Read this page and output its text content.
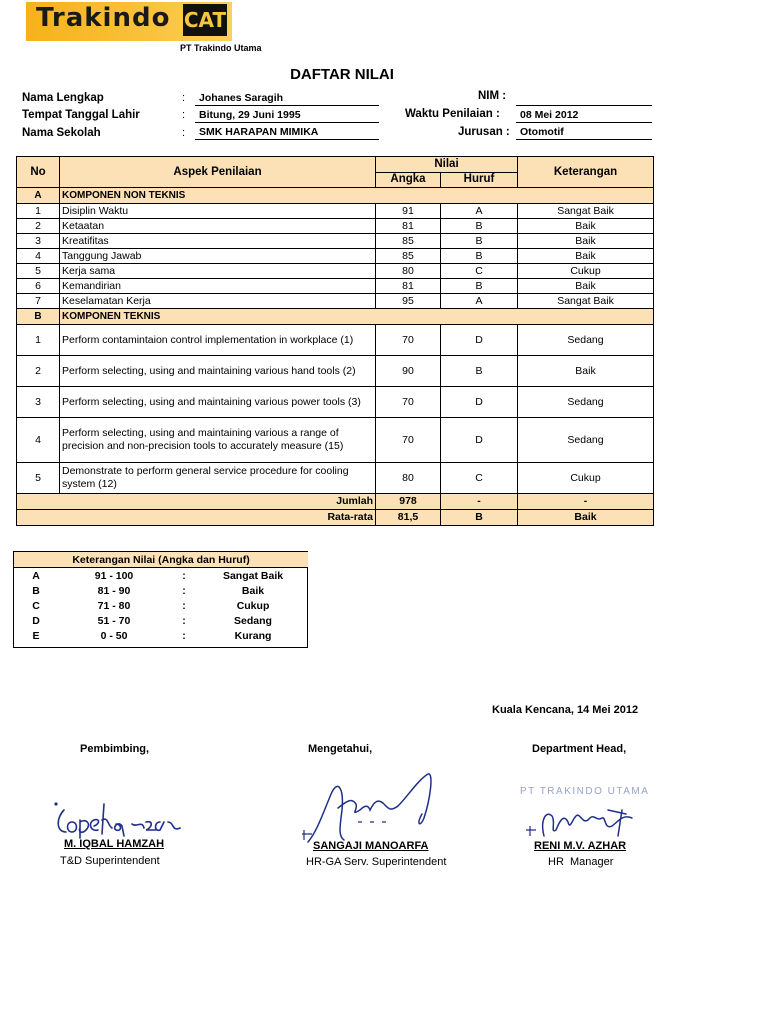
Trakindo CAT
PT Trakindo Utama
DAFTAR NILAI
Nama Lengkap	:	Johanes Saragih
Tempat Tanggal Lahir	:	Bitung, 29 Juni 1995
Nama Sekolah	:	SMK HARAPAN MIMIKA
NIM :
Waktu Penilaian :	08 Mei 2012
Jurusan : Otomotif
No	Aspek Penilaian	Nilai		Keterangan
		Angka	Huruf	
A	KOMPONEN NON TEKNIS			
1	Disiplin Waktu	91	A	Sangat Baik
2	Ketaatan	81	B	Baik
3	Kreatifitas	85	B	Baik
4	Tanggung Jawab	85	B	Baik
5	Kerja sama	80	C	Cukup
6	Kemandirian	81	B	Baik
7	Keselamatan Kerja	95	A	Sangat Baik
B	KOMPONEN TEKNIS			
1	Perform contamintaion control implementation in workplace (1)	70	D	Sedang
2	Perform selecting, using and maintaining various hand tools (2)	90	B	Baik
3	Perform selecting, using and maintaining various power tools (3)	70	D	Sedang
4	Perform selecting, using and maintaining various a range of precision and non-precision tools to accurately measure (15)	70	D	Sedang
5	Demonstrate to perform general service procedure for cooling system (12)	80	C	Cukup
Jumlah		978	-	-
Rata-rata		81,5	B	Baik
Keterangan Nilai (Angka dan Huruf)			
A	91 - 100	:	Sangat Baik
B	81 - 90	:	Baik
C	71 - 80	:	Cukup
D	51 - 70	:	Sedang
E	0 - 50	:	Kurang
Kuala Kencana, 14 Mei 2012
Pembimbing,	Mengetahui,	Department Head,
PT TRAKINDO UTAMA
M. IQBAL HAMZAH
T&D Superintendent
SANGAJI MANOARFA
HR-GA Serv. Superintendent
RENI M.V. AZHAR
HR  Manager
